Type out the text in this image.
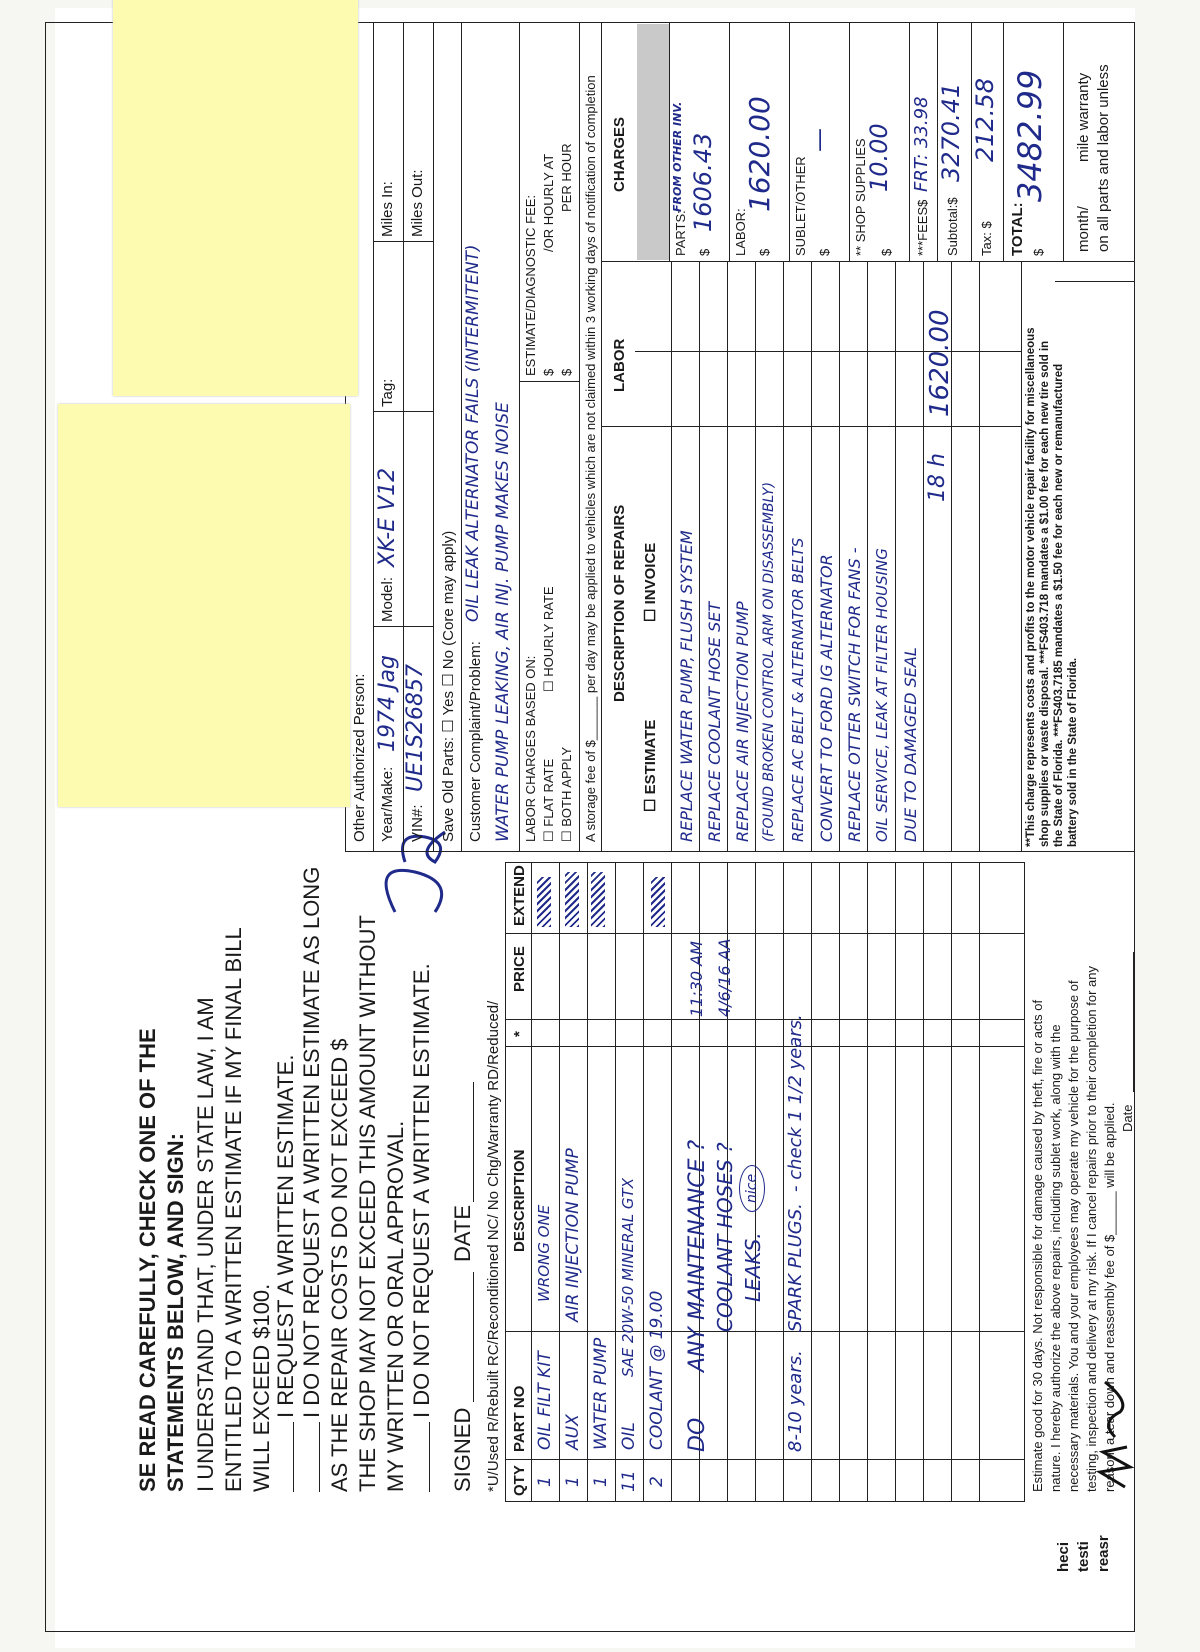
SE READ CAREFULLY, CHECK ONE OF THE STATEMENTS BELOW, AND SIGN: I UNDERSTAND THAT, UNDER STATE LAW, I AM ENTITLED TO A WRITTEN ESTIMATE IF MY FINAL BILL WILL EXCEED $100. I REQUEST A WRITTEN ESTIMATE. I DO NOT REQUEST A WRITTEN ESTIMATE AS LONG AS THE REPAIR COSTS DO NOT EXCEED $ THE SHOP MAY NOT EXCEED THIS AMOUNT WITHOUT MY WRITTEN OR ORAL APPROVAL. I DO NOT REQUEST A WRITTEN ESTIMATE.
SIGNED
DATE *U/Used R/Rebuilt RC/Reconditioned NC/ No Chg/Warranty RD/Reduced/ QTY
PART NO
DESCRIPTION
*
PRICE
EXTEND
1
OIL FILT KIT
WRONG ONE
1
AUX
AIR INJECTION PUMP
1
WATER PUMP
11
OIL
SAE 20W-50 MINERAL GTX
2
COOLANT @ 19.00 DO
ANY MAINTENANCE ? COOLANT HOSES ? LEAKS.
nice
11:30 AM 4/6/16 AA
8-10 years.
SPARK PLUGS.
- check 1 1/2 years.	Estimate good for 30 days. Not responsible for damage caused by theft, fire or acts of nature. I hereby authorize the above repairs, including sublet work, along with the necessary materials. You and your employees may operate my vehicle for the purpose of testing, inspection and delivery at my risk. If I cancel repairs prior to their completion for any reason, a tear down and reassembly fee of $______ will be applied. Date
Other Authorized Person: Year/Make:
1974 Jag
Model:
XK-E V12
Tag:
Miles In:
VIN#:
UE1S26857
Miles Out:
Save Old Parts: ☐ Yes ☐ No (Core may apply) Customer Complaint/Problem:
OIL LEAK ALTERNATOR FAILS (INTERMITENT) WATER PUMP LEAKING, AIR INJ. PUMP MAKES NOISE LABOR CHARGES BASED ON: ☐ FLAT RATE
☐ HOURLY RATE
☐ BOTH APPLY
ESTIMATE/DIAGNOSTIC FEE: $
/OR HOURLY AT
$
PER HOUR A storage fee of $______ per day may be applied to vehicles which are not claimed within 3 working days of notification of completion DESCRIPTION OF REPAIRS
LABOR
CHARGES
☐ ESTIMATE
☐ INVOICE REPLACE WATER PUMP, FLUSH SYSTEM REPLACE COOLANT HOSE SET REPLACE AIR INJECTION PUMP (FOUND BROKEN CONTROL ARM ON DISASSEMBLY) REPLACE AC BELT & ALTERNATOR BELTS CONVERT TO FORD IG ALTERNATOR REPLACE OTTER SWITCH FOR FANS - OIL SERVICE, LEAK AT FILTER HOUSING DUE TO DAMAGED SEAL
18 h
1620.00	**This charge represents costs and profits to the motor vehicle repair facility for miscellaneous shop supplies or waste disposal. ***FS403.718 mandates a $1.00 fee for each new tire sold in the State of Florida. ***FS403.7185 mandates a $1.50 fee for each new or remanufactured battery sold in the State of Florida.
PARTS:
FROM OTHER INV.
$
1606.43
LABOR: $
1620.00 SUBLET/OTHER $
— ** SHOP SUPPLIES $
10.00
***FEES$
FRT: 33.98
Subtotal:$
3270.41
Tax: $
212.58
TOTAL: $
3482.99
month/
mile warranty on all parts and labor unless
heci testi reasr
